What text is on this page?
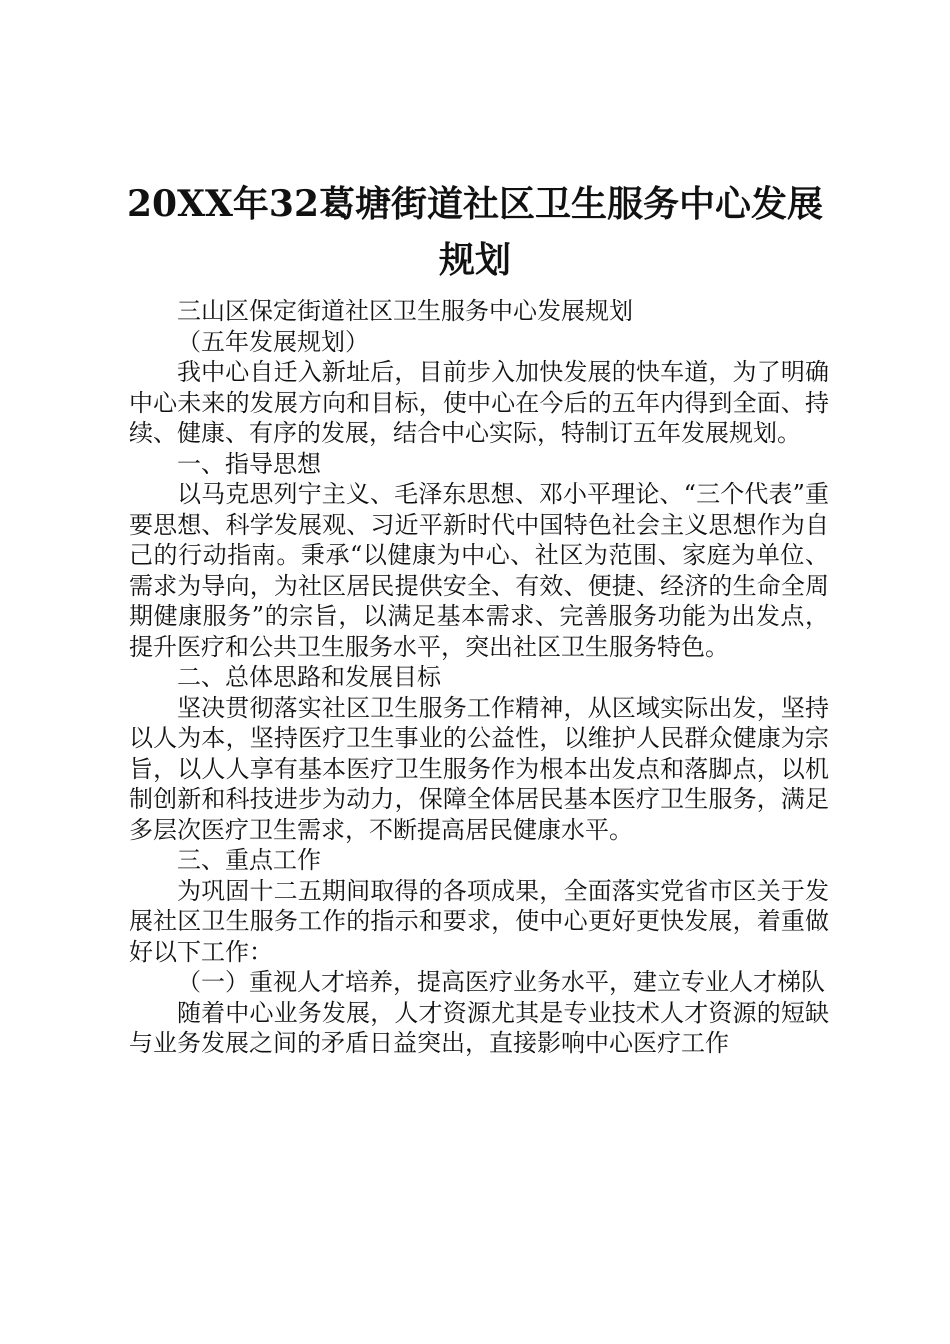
20XX年32葛塘街道社区卫生服务中心发展规划

三山区保定街道社区卫生服务中心发展规划

（五年发展规划）

我中心自迁入新址后，目前步入加快发展的快车道，为了明确中心未来的发展方向和目标，使中心在今后的五年内得到全面、持续、健康、有序的发展，结合中心实际，特制订五年发展规划。

一、指导思想

以马克思列宁主义、毛泽东思想、邓小平理论、“三个代表”重要思想、科学发展观、习近平新时代中国特色社会主义思想作为自己的行动指南。秉承“以健康为中心、社区为范围、家庭为单位、需求为导向，为社区居民提供安全、有效、便捷、经济的生命全周期健康服务”的宗旨，以满足基本需求、完善服务功能为出发点，提升医疗和公共卫生服务水平，突出社区卫生服务特色。

二、总体思路和发展目标

坚决贯彻落实社区卫生服务工作精神，从区域实际出发，坚持以人为本，坚持医疗卫生事业的公益性，以维护人民群众健康为宗旨，以人人享有基本医疗卫生服务作为根本出发点和落脚点，以机制创新和科技进步为动力，保障全体居民基本医疗卫生服务，满足多层次医疗卫生需求，不断提高居民健康水平。

三、重点工作

为巩固十二五期间取得的各项成果，全面落实党省市区关于发展社区卫生服务工作的指示和要求，使中心更好更快发展，着重做好以下工作：

（一）重视人才培养，提高医疗业务水平，建立专业人才梯队

随着中心业务发展，人才资源尤其是专业技术人才资源的短缺与业务发展之间的矛盾日益突出，直接影响中心医疗工作
